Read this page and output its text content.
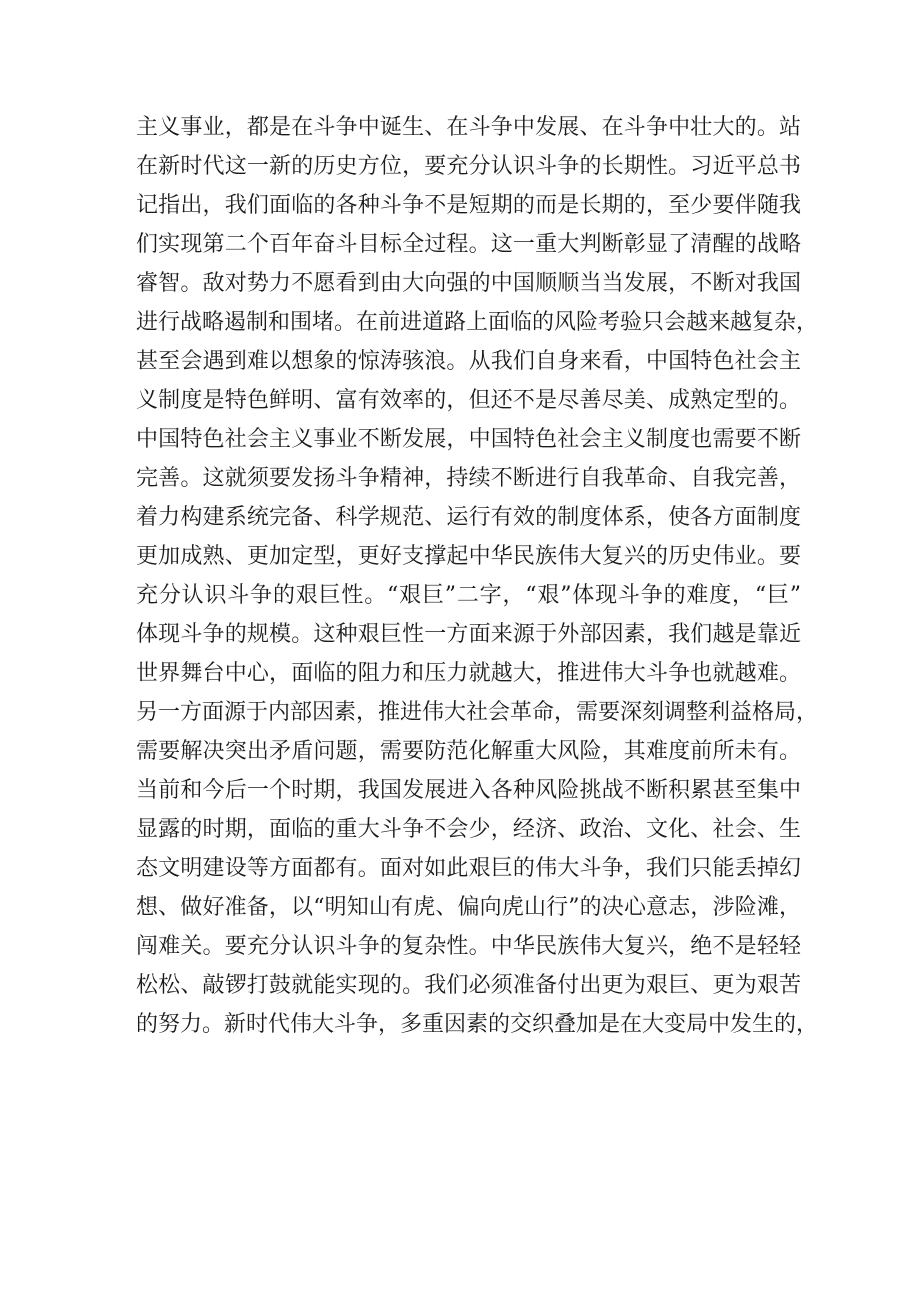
主义事业，都是在斗争中诞生、在斗争中发展、在斗争中壮大的。站
在新时代这一新的历史方位，要充分认识斗争的长期性。习近平总书
记指出，我们面临的各种斗争不是短期的而是长期的，至少要伴随我
们实现第二个百年奋斗目标全过程。这一重大判断彰显了清醒的战略
睿智。敌对势力不愿看到由大向强的中国顺顺当当发展，不断对我国
进行战略遏制和围堵。在前进道路上面临的风险考验只会越来越复杂，
甚至会遇到难以想象的惊涛骇浪。从我们自身来看，中国特色社会主
义制度是特色鲜明、富有效率的，但还不是尽善尽美、成熟定型的。
中国特色社会主义事业不断发展，中国特色社会主义制度也需要不断
完善。这就须要发扬斗争精神，持续不断进行自我革命、自我完善，
着力构建系统完备、科学规范、运行有效的制度体系，使各方面制度
更加成熟、更加定型，更好支撑起中华民族伟大复兴的历史伟业。要
充分认识斗争的艰巨性。“艰巨”二字，“艰”体现斗争的难度，“巨”
体现斗争的规模。这种艰巨性一方面来源于外部因素，我们越是靠近
世界舞台中心，面临的阻力和压力就越大，推进伟大斗争也就越难。
另一方面源于内部因素，推进伟大社会革命，需要深刻调整利益格局，
需要解决突出矛盾问题，需要防范化解重大风险，其难度前所未有。
当前和今后一个时期，我国发展进入各种风险挑战不断积累甚至集中
显露的时期，面临的重大斗争不会少，经济、政治、文化、社会、生
态文明建设等方面都有。面对如此艰巨的伟大斗争，我们只能丢掉幻
想、做好准备，以“明知山有虎、偏向虎山行”的决心意志，涉险滩，
闯难关。要充分认识斗争的复杂性。中华民族伟大复兴，绝不是轻轻
松松、敲锣打鼓就能实现的。我们必须准备付出更为艰巨、更为艰苦
的努力。新时代伟大斗争，多重因素的交织叠加是在大变局中发生的，
